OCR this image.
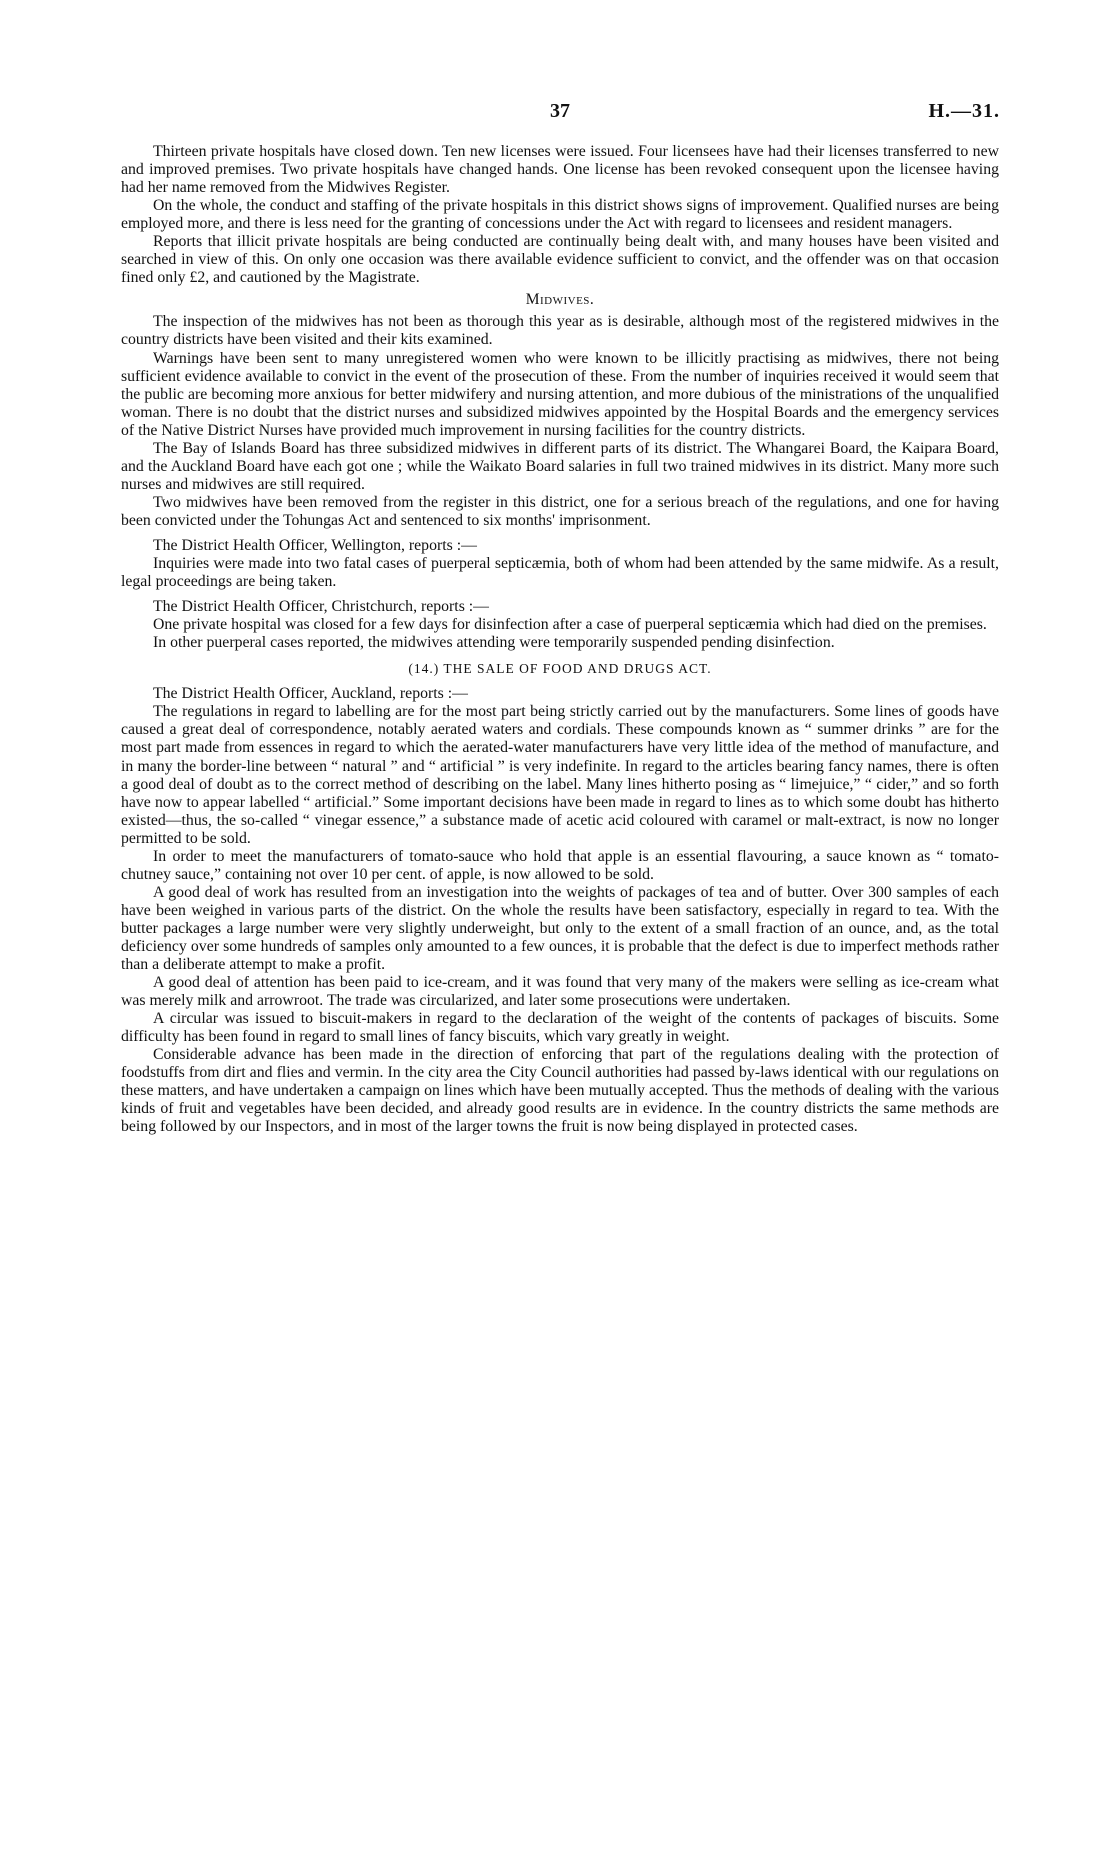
37	H.—31.

Thirteen private hospitals have closed down. Ten new licenses were issued. Four licensees have had their licenses transferred to new and improved premises. Two private hospitals have changed hands. One license has been revoked consequent upon the licensee having had her name removed from the Midwives Register.

On the whole, the conduct and staffing of the private hospitals in this district shows signs of improvement. Qualified nurses are being employed more, and there is less need for the granting of concessions under the Act with regard to licensees and resident managers.

Reports that illicit private hospitals are being conducted are continually being dealt with, and many houses have been visited and searched in view of this. On only one occasion was there available evidence sufficient to convict, and the offender was on that occasion fined only £2, and cautioned by the Magistrate.

Midwives.

The inspection of the midwives has not been as thorough this year as is desirable, although most of the registered midwives in the country districts have been visited and their kits examined.

Warnings have been sent to many unregistered women who were known to be illicitly practising as midwives, there not being sufficient evidence available to convict in the event of the prosecution of these. From the number of inquiries received it would seem that the public are becoming more anxious for better midwifery and nursing attention, and more dubious of the ministrations of the unqualified woman. There is no doubt that the district nurses and subsidized midwives appointed by the Hospital Boards and the emergency services of the Native District Nurses have provided much improvement in nursing facilities for the country districts.

The Bay of Islands Board has three subsidized midwives in different parts of its district. The Whangarei Board, the Kaipara Board, and the Auckland Board have each got one ; while the Waikato Board salaries in full two trained midwives in its district. Many more such nurses and midwives are still required.

Two midwives have been removed from the register in this district, one for a serious breach of the regulations, and one for having been convicted under the Tohungas Act and sentenced to six months' imprisonment.

The District Health Officer, Wellington, reports :—

Inquiries were made into two fatal cases of puerperal septicæmia, both of whom had been attended by the same midwife. As a result, legal proceedings are being taken.

The District Health Officer, Christchurch, reports :—

One private hospital was closed for a few days for disinfection after a case of puerperal septicæmia which had died on the premises.

In other puerperal cases reported, the midwives attending were temporarily suspended pending disinfection.

(14.) THE SALE OF FOOD AND DRUGS ACT.

The District Health Officer, Auckland, reports :—

The regulations in regard to labelling are for the most part being strictly carried out by the manufacturers. Some lines of goods have caused a great deal of correspondence, notably aerated waters and cordials. These compounds known as “ summer drinks ” are for the most part made from essences in regard to which the aerated-water manufacturers have very little idea of the method of manufacture, and in many the border-line between “ natural ” and “ artificial ” is very indefinite. In regard to the articles bearing fancy names, there is often a good deal of doubt as to the correct method of describing on the label. Many lines hitherto posing as “ limejuice,” “ cider,” and so forth have now to appear labelled “ artificial.” Some important decisions have been made in regard to lines as to which some doubt has hitherto existed—thus, the so-called “ vinegar essence,” a substance made of acetic acid coloured with caramel or malt-extract, is now no longer permitted to be sold.

In order to meet the manufacturers of tomato-sauce who hold that apple is an essential flavouring, a sauce known as “ tomato-chutney sauce,” containing not over 10 per cent. of apple, is now allowed to be sold.

A good deal of work has resulted from an investigation into the weights of packages of tea and of butter. Over 300 samples of each have been weighed in various parts of the district. On the whole the results have been satisfactory, especially in regard to tea. With the butter packages a large number were very slightly underweight, but only to the extent of a small fraction of an ounce, and, as the total deficiency over some hundreds of samples only amounted to a few ounces, it is probable that the defect is due to imperfect methods rather than a deliberate attempt to make a profit.

A good deal of attention has been paid to ice-cream, and it was found that very many of the makers were selling as ice-cream what was merely milk and arrowroot. The trade was circularized, and later some prosecutions were undertaken.

A circular was issued to biscuit-makers in regard to the declaration of the weight of the contents of packages of biscuits. Some difficulty has been found in regard to small lines of fancy biscuits, which vary greatly in weight.

Considerable advance has been made in the direction of enforcing that part of the regulations dealing with the protection of foodstuffs from dirt and flies and vermin. In the city area the City Council authorities had passed by-laws identical with our regulations on these matters, and have undertaken a campaign on lines which have been mutually accepted. Thus the methods of dealing with the various kinds of fruit and vegetables have been decided, and already good results are in evidence. In the country districts the same methods are being followed by our Inspectors, and in most of the larger towns the fruit is now being displayed in protected cases.
